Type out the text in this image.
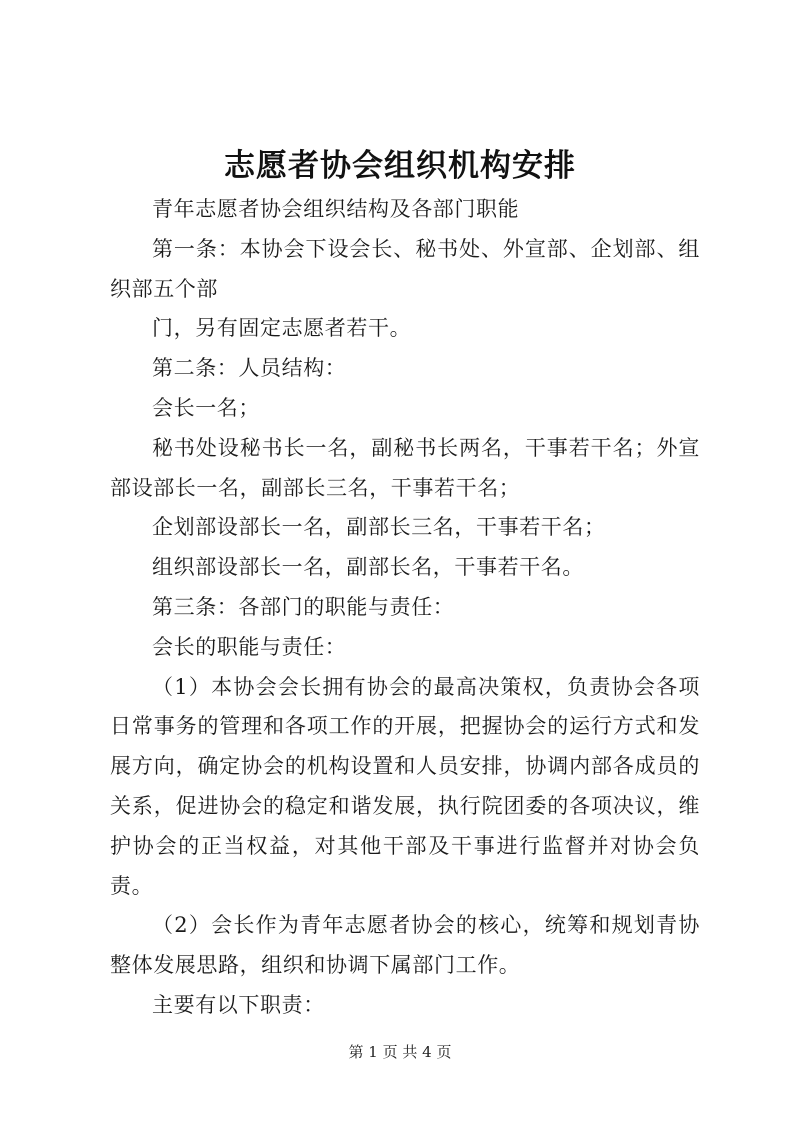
志愿者协会组织机构安排

青年志愿者协会组织结构及各部门职能

第一条：本协会下设会长、秘书处、外宣部、企划部、组织部五个部

门，另有固定志愿者若干。

第二条：人员结构：

会长一名；

秘书处设秘书长一名，副秘书长两名，干事若干名；外宣部设部长一名，副部长三名，干事若干名；

企划部设部长一名，副部长三名，干事若干名；

组织部设部长一名，副部长名，干事若干名。

第三条：各部门的职能与责任：

会长的职能与责任：

（1）本协会会长拥有协会的最高决策权，负责协会各项日常事务的管理和各项工作的开展，把握协会的运行方式和发展方向，确定协会的机构设置和人员安排，协调内部各成员的关系，促进协会的稳定和谐发展，执行院团委的各项决议，维护协会的正当权益，对其他干部及干事进行监督并对协会负责。

（2）会长作为青年志愿者协会的核心，统筹和规划青协整体发展思路，组织和协调下属部门工作。

主要有以下职责：

第 1 页 共 4 页
